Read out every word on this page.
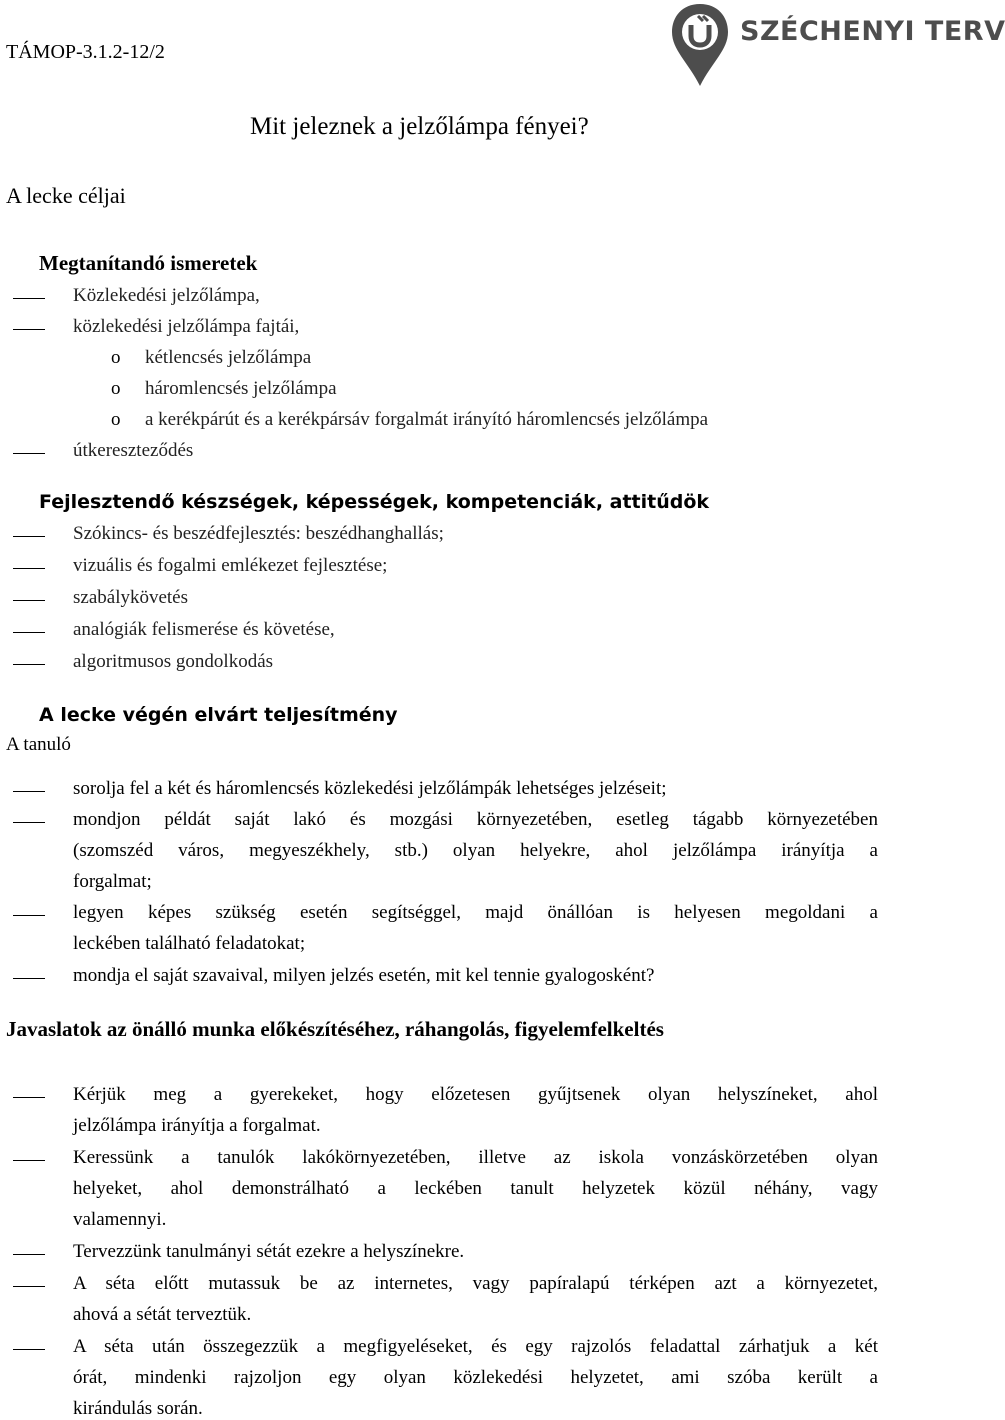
TÁMOP-3.1.2-12/2
SZÉCHENYI TERV
Mit jeleznek a jelzőlámpa fényei?
A lecke céljai
Megtanítandó ismeretek
Közlekedési jelzőlámpa,
közlekedési jelzőlámpa fajtái,
o kétlencsés jelzőlámpa
o háromlencsés jelzőlámpa
o a kerékpárút és a kerékpársáv forgalmát irányító háromlencsés jelzőlámpa
útkereszteződés
Fejlesztendő készségek, képességek, kompetenciák, attitűdök
Szókincs- és beszédfejlesztés: beszédhanghallás;
vizuális és fogalmi emlékezet fejlesztése;
szabálykövetés
analógiák felismerése és követése,
algoritmusos gondolkodás
A lecke végén elvárt teljesítmény
A tanuló
sorolja fel a két és háromlencsés közlekedési jelzőlámpák lehetséges jelzéseit;
mondjon példát saját lakó és mozgási környezetében, esetleg tágabb környezetében
(szomszéd város, megyeszékhely, stb.) olyan helyekre, ahol jelzőlámpa irányítja a
forgalmat;
legyen képes szükség esetén segítséggel, majd önállóan is helyesen megoldani a
leckében található feladatokat;
mondja el saját szavaival, milyen jelzés esetén, mit kel tennie gyalogosként?
Javaslatok az önálló munka előkészítéséhez, ráhangolás, figyelemfelkeltés
Kérjük meg a gyerekeket, hogy előzetesen gyűjtsenek olyan helyszíneket, ahol
jelzőlámpa irányítja a forgalmat.
Keressünk a tanulók lakókörnyezetében, illetve az iskola vonzáskörzetében olyan
helyeket, ahol demonstrálható a leckében tanult helyzetek közül néhány, vagy
valamennyi.
Tervezzünk tanulmányi sétát ezekre a helyszínekre.
A séta előtt mutassuk be az internetes, vagy papíralapú térképen azt a környezetet,
ahová a sétát terveztük.
A séta után összegezzük a megfigyeléseket, és egy rajzolós feladattal zárhatjuk a két
órát, mindenki rajzoljon egy olyan közlekedési helyzetet, ami szóba került a
kirándulás során.
